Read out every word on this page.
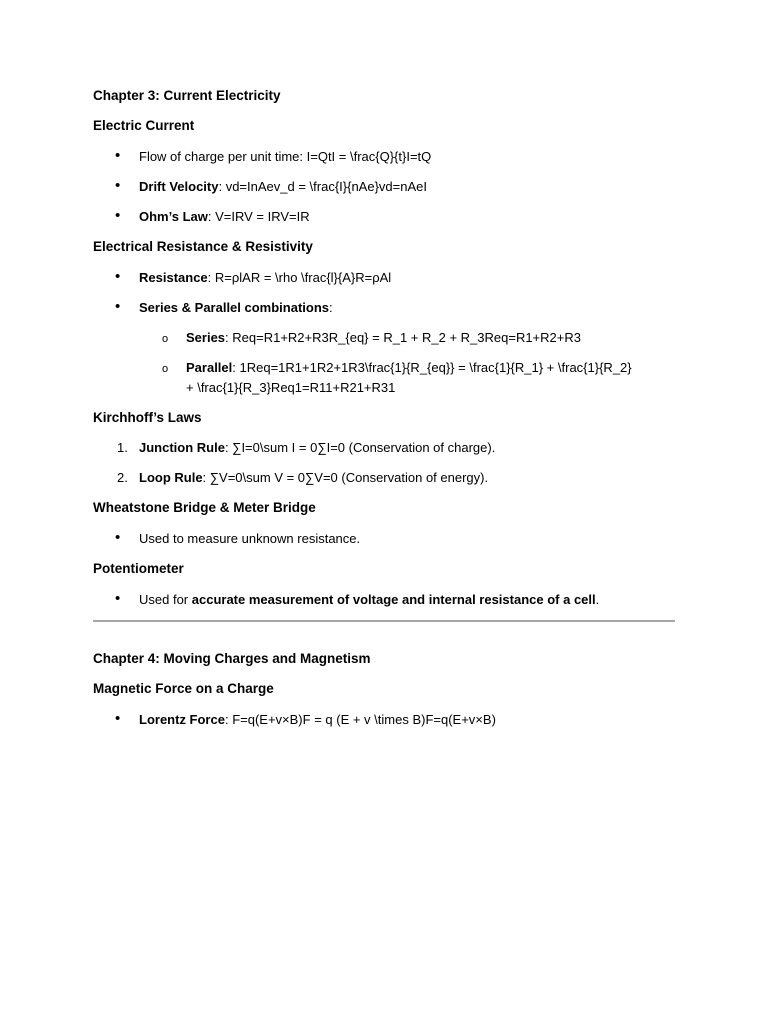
Chapter 3: Current Electricity
Electric Current
• Flow of charge per unit time: I=QtI = \frac{Q}{t}I=tQ
• Drift Velocity: vd=InAev_d = \frac{I}{nAe}vd=nAeI
• Ohm’s Law: V=IRV = IRV=IR
Electrical Resistance & Resistivity
• Resistance: R=ρlAR = \rho \frac{l}{A}R=ρAl
• Series & Parallel combinations:
o Series: Req=R1+R2+R3R_{eq} = R_1 + R_2 + R_3Req=R1+R2+R3
o Parallel: 1Req=1R1+1R2+1R3\frac{1}{R_{eq}} = \frac{1}{R_1} + \frac{1}{R_2}
+ \frac{1}{R_3}Req1=R11+R21+R31
Kirchhoff’s Laws
1. Junction Rule: ∑I=0\sum I = 0∑I=0 (Conservation of charge).
2. Loop Rule: ∑V=0\sum V = 0∑V=0 (Conservation of energy).
Wheatstone Bridge & Meter Bridge
• Used to measure unknown resistance.
Potentiometer
• Used for accurate measurement of voltage and internal resistance of a cell.
Chapter 4: Moving Charges and Magnetism
Magnetic Force on a Charge
• Lorentz Force: F=q(E+v×B)F = q (E + v \times B)F=q(E+v×B)
